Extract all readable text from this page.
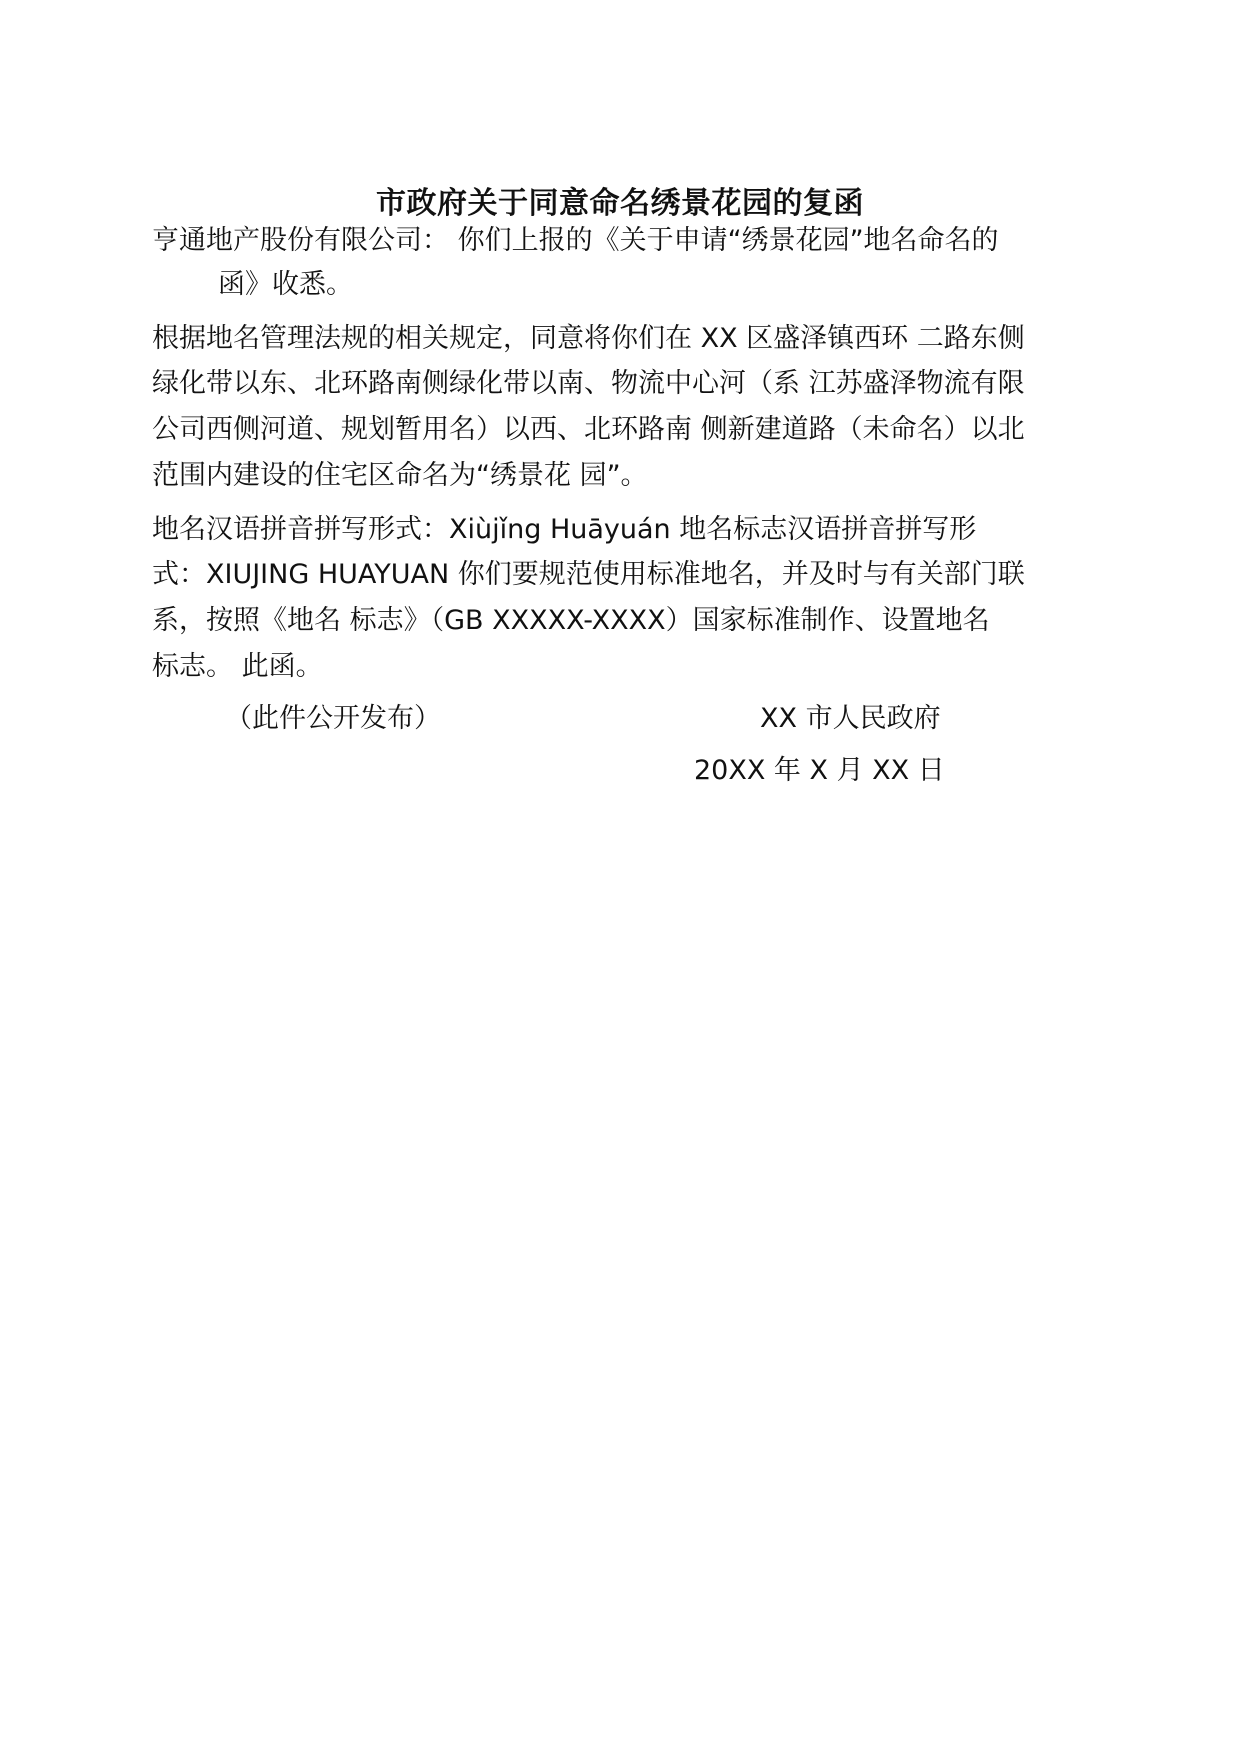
市政府关于同意命名绣景花园的复函
亨通地产股份有限公司： 你们上报的《关于申请“绣景花园”地名命名的
函》收悉。
根据地名管理法规的相关规定，同意将你们在 XX 区盛泽镇西环 二路东侧
绿化带以东、北环路南侧绿化带以南、物流中心河（系 江苏盛泽物流有限
公司西侧河道、规划暂用名）以西、北环路南 侧新建道路（未命名）以北
范围内建设的住宅区命名为“绣景花 园”。
地名汉语拼音拼写形式：Xiùjǐng Huāyuán 地名标志汉语拼音拼写形
式：XIUJING HUAYUAN 你们要规范使用标准地名，并及时与有关部门联
系，按照《地名 标志》（GB XXXXX-XXXX）国家标准制作、设置地名
标志。 此函。
（此件公开发布）	XX 市人民政府
20XX 年 X 月 XX 日
